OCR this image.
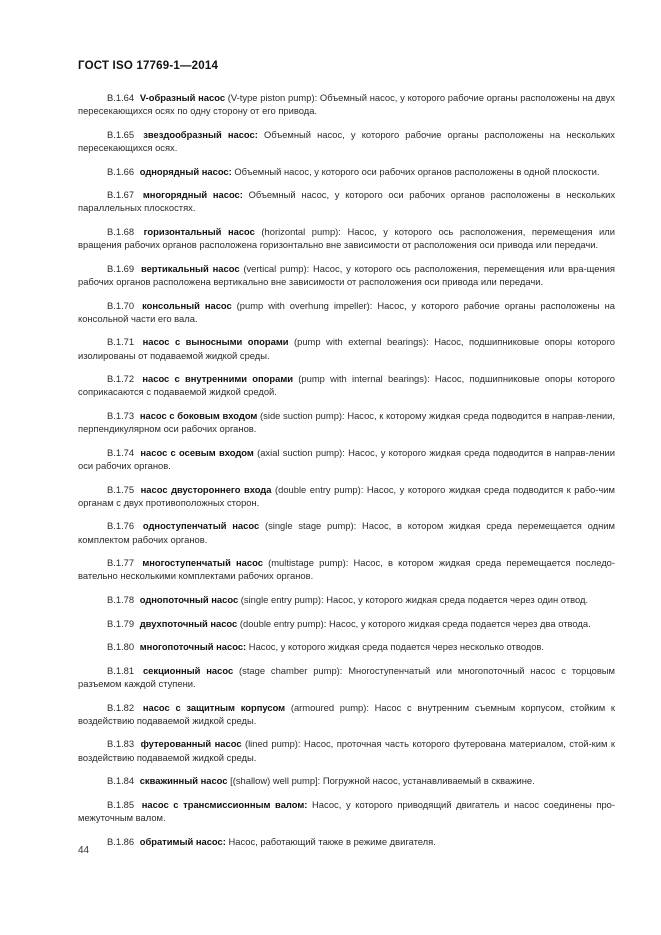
ГОСТ ISO 17769-1—2014

В.1.64 V-образный насос (V-type piston pump): Объемный насос, у которого рабочие органы расположены на двух пересекающихся осях по одну сторону от его привода.

В.1.65 звездообразный насос: Объемный насос, у которого рабочие органы расположены на нескольких пересекающихся осях.

В.1.66 однорядный насос: Объемный насос, у которого оси рабочих органов расположены в одной плоскости.

В.1.67 многорядный насос: Объемный насос, у которого оси рабочих органов расположены в нескольких параллельных плоскостях.

В.1.68 горизонтальный насос (horizontal pump): Насос, у которого ось расположения, перемещения или вращения рабочих органов расположена горизонтально вне зависимости от расположения оси привода или передачи.

В.1.69 вертикальный насос (vertical pump): Насос, у которого ось расположения, перемещения или вра-щения рабочих органов расположена вертикально вне зависимости от расположения оси привода или передачи.

В.1.70 консольный насос (pump with overhung impeller): Насос, у которого рабочие органы расположены на консольной части его вала.

В.1.71 насос с выносными опорами (pump with external bearings): Насос, подшипниковые опоры которого изолированы от подаваемой жидкой среды.

В.1.72 насос с внутренними опорами (pump with internal bearings): Насос, подшипниковые опоры которого соприкасаются с подаваемой жидкой средой.

В.1.73 насос с боковым входом (side suction pump): Насос, к которому жидкая среда подводится в направ-лении, перпендикулярном оси рабочих органов.

В.1.74 насос с осевым входом (axial suction pump): Насос, у которого жидкая среда подводится в направ-лении оси рабочих органов.

В.1.75 насос двустороннего входа (double entry pump): Насос, у которого жидкая среда подводится к рабо-чим органам с двух противоположных сторон.

В.1.76 одноступенчатый насос (single stage pump): Насос, в котором жидкая среда перемещается одним комплектом рабочих органов.

В.1.77 многоступенчатый насос (multistage pump): Насос, в котором жидкая среда перемещается последо-вательно несколькими комплектами рабочих органов.

В.1.78 однопоточный насос (single entry pump): Насос, у которого жидкая среда подается через один отвод.

В.1.79 двухпоточный насос (double entry pump): Насос, у которого жидкая среда подается через два отвода.

В.1.80 многопоточный насос: Насос, у которого жидкая среда подается через несколько отводов.

В.1.81 секционный насос (stage chamber pump): Многоступенчатый или многопоточный насос с торцовым разъемом каждой ступени.

В.1.82 насос с защитным корпусом (armoured pump): Насос с внутренним съемным корпусом, стойким к воздействию подаваемой жидкой среды.

В.1.83 футерованный насос (lined pump): Насос, проточная часть которого футерована материалом, стой-ким к воздействию подаваемой жидкой среды.

В.1.84 скважинный насос [(shallow) well pump]: Погружной насос, устанавливаемый в скважине.

В.1.85 насос с трансмиссионным валом: Насос, у которого приводящий двигатель и насос соединены про-межуточным валом.

В.1.86 обратимый насос: Насос, работающий также в режиме двигателя.

44
